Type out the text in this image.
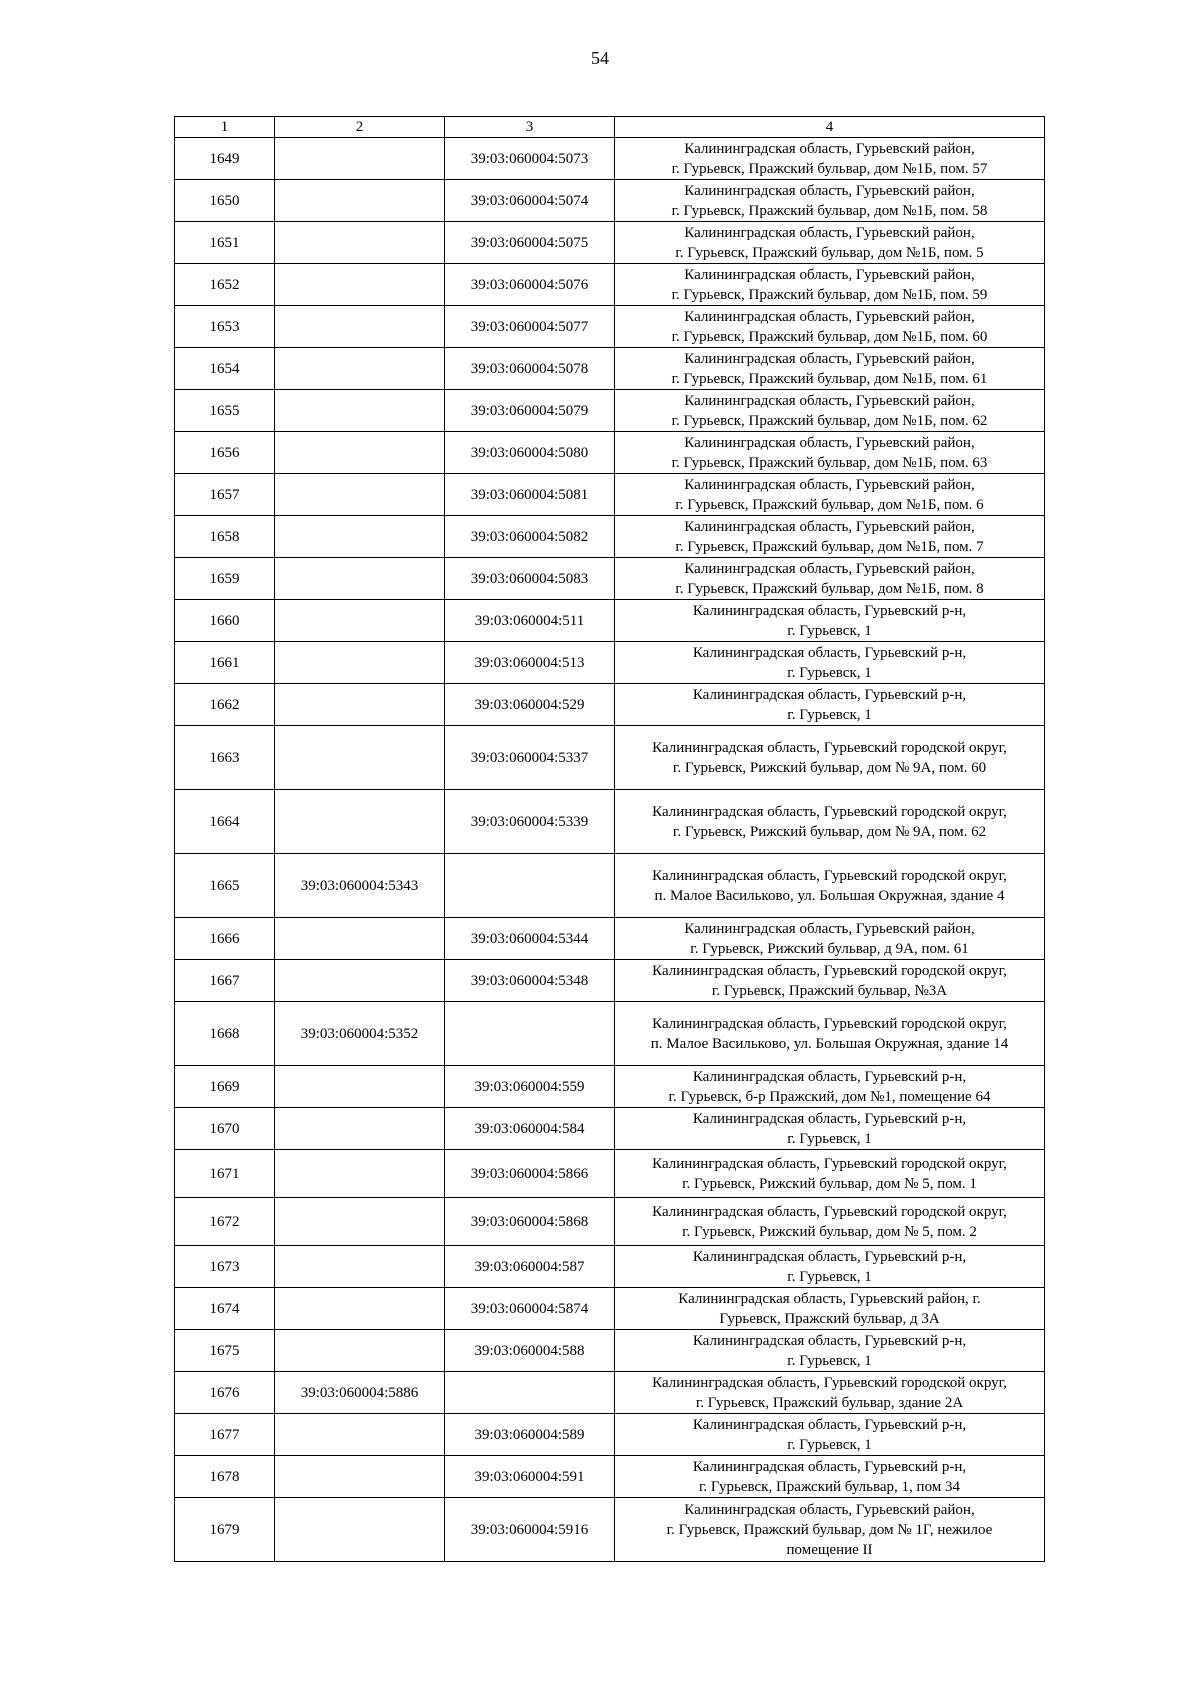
54
1	2	3	4
1649		39:03:060004:5073	Калининградская область, Гурьевский район,
г. Гурьевск, Пражский бульвар, дом №1Б, пом. 57
1650		39:03:060004:5074	Калининградская область, Гурьевский район,
г. Гурьевск, Пражский бульвар, дом №1Б, пом. 58
1651		39:03:060004:5075	Калининградская область, Гурьевский район,
г. Гурьевск, Пражский бульвар, дом №1Б, пом. 5
1652		39:03:060004:5076	Калининградская область, Гурьевский район,
г. Гурьевск, Пражский бульвар, дом №1Б, пом. 59
1653		39:03:060004:5077	Калининградская область, Гурьевский район,
г. Гурьевск, Пражский бульвар, дом №1Б, пом. 60
1654		39:03:060004:5078	Калининградская область, Гурьевский район,
г. Гурьевск, Пражский бульвар, дом №1Б, пом. 61
1655		39:03:060004:5079	Калининградская область, Гурьевский район,
г. Гурьевск, Пражский бульвар, дом №1Б, пом. 62
1656		39:03:060004:5080	Калининградская область, Гурьевский район,
г. Гурьевск, Пражский бульвар, дом №1Б, пом. 63
1657		39:03:060004:5081	Калининградская область, Гурьевский район,
г. Гурьевск, Пражский бульвар, дом №1Б, пом. 6
1658		39:03:060004:5082	Калининградская область, Гурьевский район,
г. Гурьевск, Пражский бульвар, дом №1Б, пом. 7
1659		39:03:060004:5083	Калининградская область, Гурьевский район,
г. Гурьевск, Пражский бульвар, дом №1Б, пом. 8
1660		39:03:060004:511	Калининградская область, Гурьевский р-н,
г. Гурьевск, 1
1661		39:03:060004:513	Калининградская область, Гурьевский р-н,
г. Гурьевск, 1
1662		39:03:060004:529	Калининградская область, Гурьевский р-н,
г. Гурьевск, 1
1663		39:03:060004:5337	Калининградская область, Гурьевский городской округ,
г. Гурьевск, Рижский бульвар, дом № 9А, пом. 60
1664		39:03:060004:5339	Калининградская область, Гурьевский городской округ,
г. Гурьевск, Рижский бульвар, дом № 9А, пом. 62
1665	39:03:060004:5343		Калининградская область, Гурьевский городской округ,
п. Малое Васильково, ул. Большая Окружная, здание 4
1666		39:03:060004:5344	Калининградская область, Гурьевский район,
г. Гурьевск, Рижский бульвар, д 9А, пом. 61
1667		39:03:060004:5348	Калининградская область, Гурьевский городской округ,
г. Гурьевск, Пражский бульвар, №3А
1668	39:03:060004:5352		Калининградская область, Гурьевский городской округ,
п. Малое Васильково, ул. Большая Окружная, здание 14
1669		39:03:060004:559	Калининградская область, Гурьевский р-н,
г. Гурьевск, б-р Пражский, дом №1, помещение 64
1670		39:03:060004:584	Калининградская область, Гурьевский р-н,
г. Гурьевск, 1
1671		39:03:060004:5866	Калининградская область, Гурьевский городской округ,
г. Гурьевск, Рижский бульвар, дом № 5, пом. 1
1672		39:03:060004:5868	Калининградская область, Гурьевский городской округ,
г. Гурьевск, Рижский бульвар, дом № 5, пом. 2
1673		39:03:060004:587	Калининградская область, Гурьевский р-н,
г. Гурьевск, 1
1674		39:03:060004:5874	Калининградская область, Гурьевский район, г.
Гурьевск, Пражский бульвар, д 3А
1675		39:03:060004:588	Калининградская область, Гурьевский р-н,
г. Гурьевск, 1
1676	39:03:060004:5886		Калининградская область, Гурьевский городской округ,
г. Гурьевск, Пражский бульвар, здание 2А
1677		39:03:060004:589	Калининградская область, Гурьевский р-н,
г. Гурьевск, 1
1678		39:03:060004:591	Калининградская область, Гурьевский р-н,
г. Гурьевск, Пражский бульвар, 1, пом 34
1679		39:03:060004:5916	Калининградская область, Гурьевский район,
г. Гурьевск, Пражский бульвар, дом № 1Г, нежилое
помещение II
